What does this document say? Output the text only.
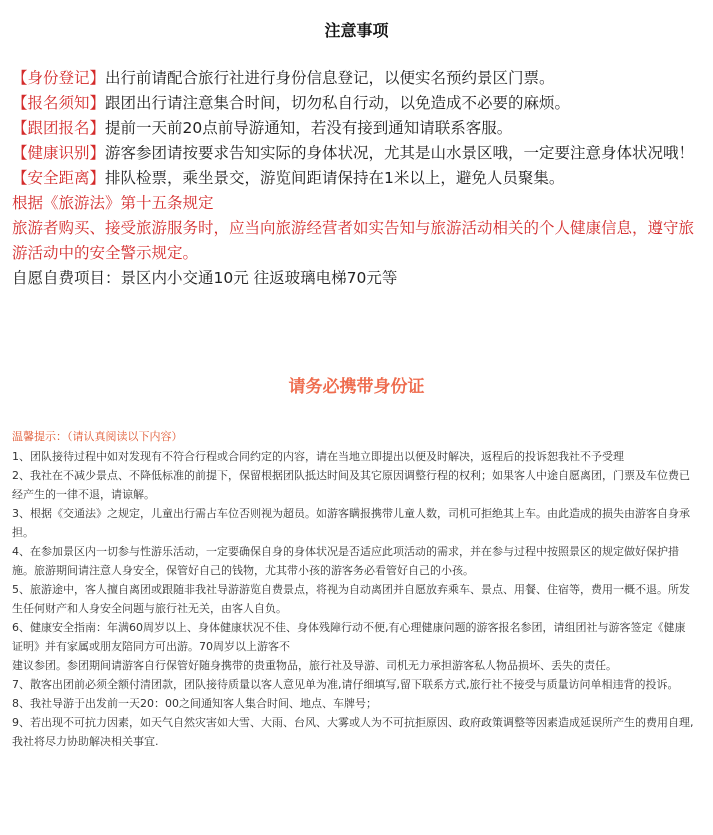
注意事项

【身份登记】出行前请配合旅行社进行身份信息登记，以便实名预约景区门票。

【报名须知】跟团出行请注意集合时间，切勿私自行动，以免造成不必要的麻烦。

【跟团报名】提前一天前20点前导游通知，若没有接到通知请联系客服。

【健康识别】游客参团请按要求告知实际的身体状况，尤其是山水景区哦，一定要注意身体状况哦！

【安全距离】排队检票，乘坐景交，游览间距请保持在1米以上，避免人员聚集。

根据《旅游法》第十五条规定

旅游者购买、接受旅游服务时，应当向旅游经营者如实告知与旅游活动相关的个人健康信息，遵守旅游活动中的安全警示规定。

自愿自费项目：景区内小交通10元 往返玻璃电梯70元等

请务必携带身份证
温馨提示：（请认真阅读以下内容）

1、团队接待过程中如对发现有不符合行程或合同约定的内容，请在当地立即提出以便及时解决，返程后的投诉恕我社不予受理

2、我社在不减少景点、不降低标准的前提下，保留根据团队抵达时间及其它原因调整行程的权利；如果客人中途自愿离团，门票及车位费已经产生的一律不退，请谅解。

3、根据《交通法》之规定，儿童出行需占车位否则视为超员。如游客瞒报携带儿童人数，司机可拒绝其上车。由此造成的损失由游客自身承担。

4、在参加景区内一切参与性游乐活动，一定要确保自身的身体状况是否适应此项活动的需求，并在参与过程中按照景区的规定做好保护措施。旅游期间请注意人身安全，保管好自己的钱物，尤其带小孩的游客务必看管好自己的小孩。

5、旅游途中，客人擅自离团或跟随非我社导游游览自费景点，将视为自动离团并自愿放弃乘车、景点、用餐、住宿等，费用一概不退。所发生任何财产和人身安全问题与旅行社无关，由客人自负。

6、健康安全指南：年满60周岁以上、身体健康状况不佳、身体残障行动不便,有心理健康问题的游客报名参团，请组团社与游客签定《健康证明》并有家属或朋友陪同方可出游。70周岁以上游客不

建议参团。参团期间请游客自行保管好随身携带的贵重物品，旅行社及导游、司机无力承担游客私人物品损坏、丢失的责任。

7、散客出团前必须全额付清团款，团队接待质量以客人意见单为准,请仔细填写,留下联系方式,旅行社不接受与质量访问单相违背的投诉。

8、我社导游于出发前一天20：00之间通知客人集合时间、地点、车牌号；

9、若出现不可抗力因素，如天气自然灾害如大雪、大雨、台风、大雾或人为不可抗拒原因、政府政策调整等因素造成延误所产生的费用自理,我社将尽力协助解决相关事宜.
